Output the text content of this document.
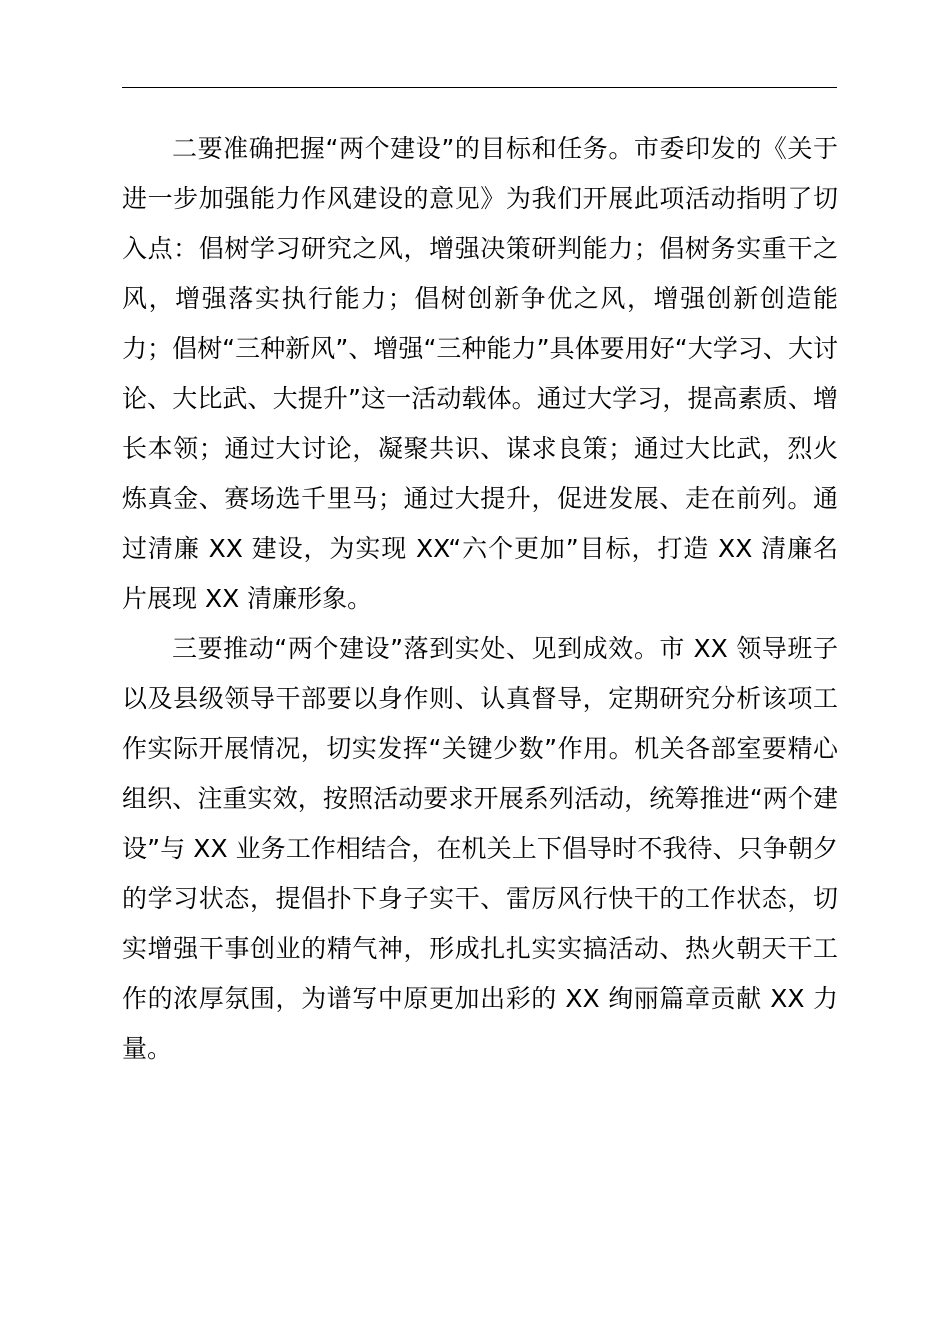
二要准确把握“两个建设”的目标和任务。市委印发的《关于进一步加强能力作风建设的意见》为我们开展此项活动指明了切入点：倡树学习研究之风，增强决策研判能力；倡树务实重干之风，增强落实执行能力；倡树创新争优之风，增强创新创造能力；倡树“三种新风”、增强“三种能力”具体要用好“大学习、大讨论、大比武、大提升”这一活动载体。通过大学习，提高素质、增长本领；通过大讨论，凝聚共识、谋求良策；通过大比武，烈火炼真金、赛场选千里马；通过大提升，促进发展、走在前列。通过清廉 XX 建设，为实现 XX“六个更加”目标，打造 XX 清廉名片展现 XX 清廉形象。

三要推动“两个建设”落到实处、见到成效。市 XX 领导班子以及县级领导干部要以身作则、认真督导，定期研究分析该项工作实际开展情况，切实发挥“关键少数”作用。机关各部室要精心组织、注重实效，按照活动要求开展系列活动，统筹推进“两个建设”与 XX 业务工作相结合，在机关上下倡导时不我待、只争朝夕的学习状态，提倡扑下身子实干、雷厉风行快干的工作状态，切实增强干事创业的精气神，形成扎扎实实搞活动、热火朝天干工作的浓厚氛围，为谱写中原更加出彩的 XX 绚丽篇章贡献 XX 力量。
